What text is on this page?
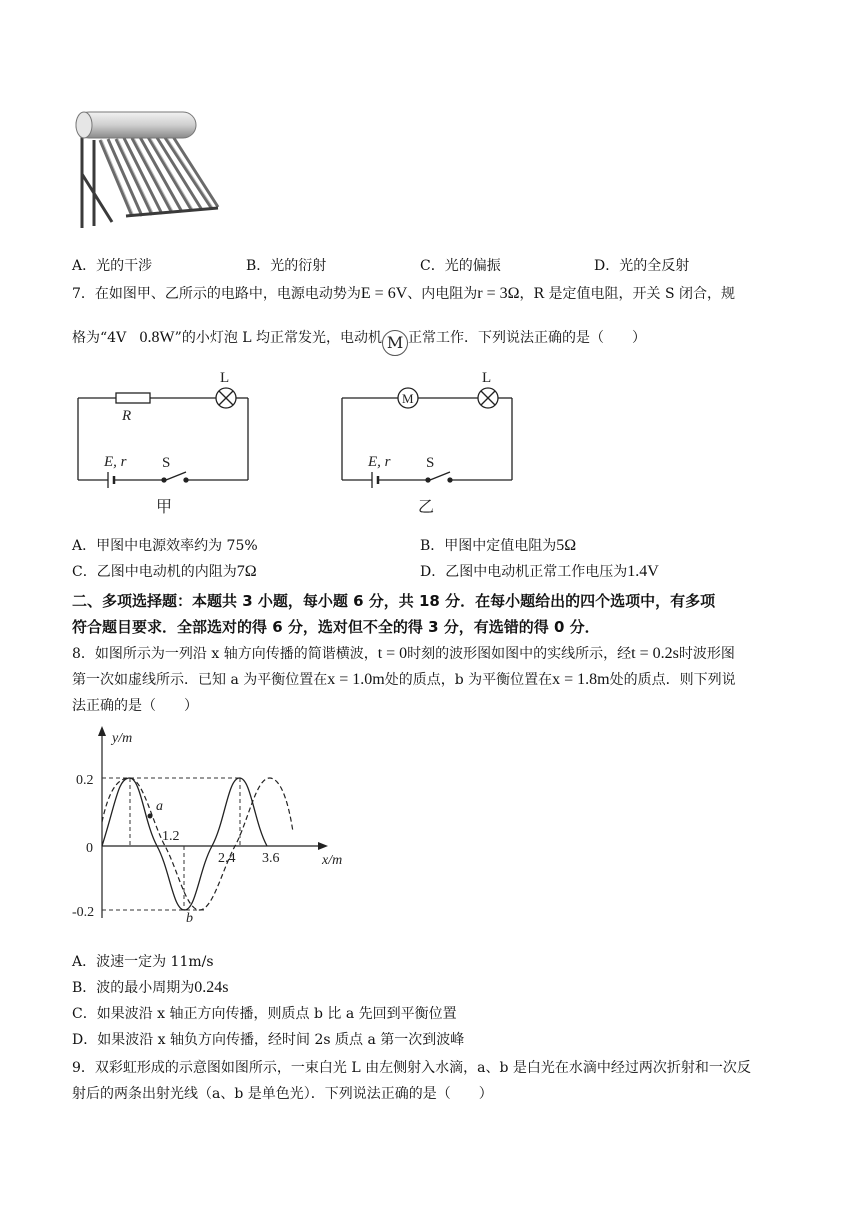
A．光的干涉	B．光的衍射	C．光的偏振	D．光的全反射
7．在如图甲、乙所示的电路中，电源电动势为E = 6V、内电阻为r = 3Ω，R 是定值电阻，开关 S 闭合，规
格为“4V 0.8W”的小灯泡 L 均正常发光，电动机 M 正常工作．下列说法正确的是（　　）
L
R
E, r S
甲
M
L
E, r S
乙
A．甲图中电源效率约为 75%	B．甲图中定值电阻为5Ω
C．乙图中电动机的内阻为7Ω	D．乙图中电动机正常工作电压为1.4V
二、多项选择题：本题共 3 小题，每小题 6 分，共 18 分．在每小题给出的四个选项中，有多项
符合题目要求．全部选对的得 6 分，选对但不全的得 3 分，有选错的得 0 分．
8．如图所示为一列沿 x 轴方向传播的简谐横波，t = 0时刻的波形图如图中的实线所示，经t = 0.2s时波形图
第一次如虚线所示．已知 a 为平衡位置在x = 1.0m处的质点，b 为平衡位置在x = 1.8m处的质点．则下列说
法正确的是（　　）
a
b
y/m
x/m
0.2
0
-0.2
1.2
2.4 3.6
A．波速一定为 11m/s
B．波的最小周期为0.24s
C．如果波沿 x 轴正方向传播，则质点 b 比 a 先回到平衡位置
D．如果波沿 x 轴负方向传播，经时间 2s 质点 a 第一次到波峰
9．双彩虹形成的示意图如图所示，一束白光 L 由左侧射入水滴，a、b 是白光在水滴中经过两次折射和一次反
射后的两条出射光线（a、b 是单色光）．下列说法正确的是（　　）
